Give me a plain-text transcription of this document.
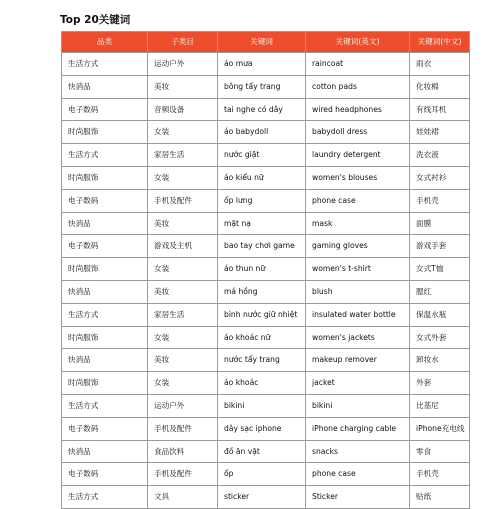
Top 20关键词
品类	子类目	关键词	关键词(英文)	关键词(中文)
生活方式	运动户外	áo mưa	raincoat	雨衣
快消品	美妆	bông tẩy trang	cotton pads	化妆棉
电子数码	音频设备	tai nghe có dây	wired headphones	有线耳机
时尚服饰	女装	áo babydoll	babydoll dress	娃娃裙
生活方式	家居生活	nước giặt	laundry detergent	洗衣液
时尚服饰	女装	áo kiểu nữ	women's blouses	女式衬衫
电子数码	手机及配件	ốp lưng	phone case	手机壳
快消品	美妆	mặt nạ	mask	面膜
电子数码	游戏及主机	bao tay chơi game	gaming gloves	游戏手套
时尚服饰	女装	áo thun nữ	women's t-shirt	女式T恤
快消品	美妆	má hồng	blush	腮红
生活方式	家居生活	bình nước giữ nhiệt	insulated water bottle	保温水瓶
时尚服饰	女装	áo khoác nữ	women's jackets	女式外套
快消品	美妆	nước tẩy trang	makeup remover	卸妆水
时尚服饰	女装	áo khoác	jacket	外套
生活方式	运动户外	bikini	bikini	比基尼
电子数码	手机及配件	dây sạc iphone	iPhone charging cable	iPhone充电线
快消品	食品饮料	đồ ăn vặt	snacks	零食
电子数码	手机及配件	ốp	phone case	手机壳
生活方式	文具	sticker	Sticker	贴纸
